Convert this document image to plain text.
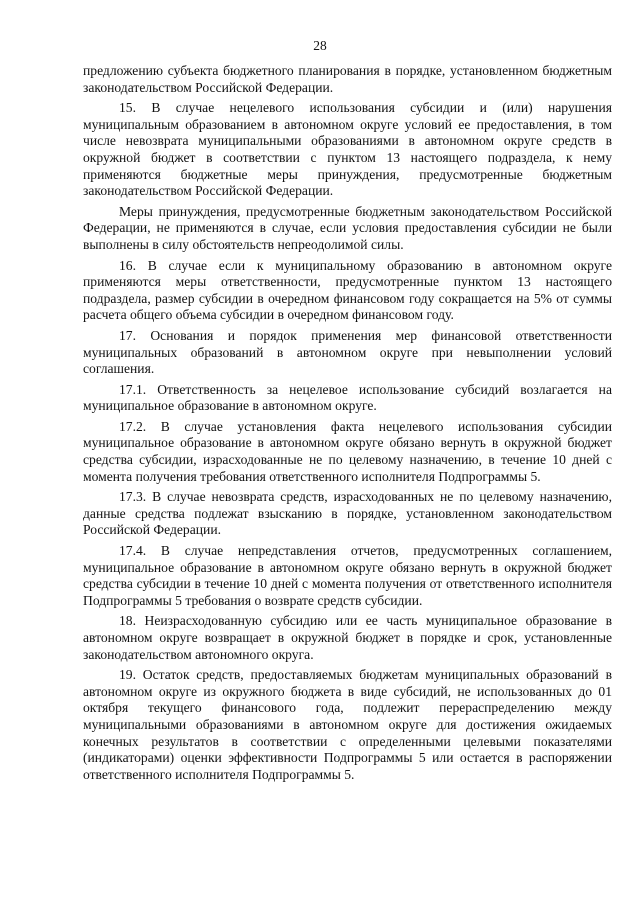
28

предложению субъекта бюджетного планирования в порядке, установленном бюджетным законодательством Российской Федерации.

15. В случае нецелевого использования субсидии и (или) нарушения муниципальным образованием в автономном округе условий ее предоставления, в том числе невозврата муниципальными образованиями в автономном округе средств в окружной бюджет в соответствии с пунктом 13 настоящего подраздела, к нему применяются бюджетные меры принуждения, предусмотренные бюджетным законодательством Российской Федерации.

Меры принуждения, предусмотренные бюджетным законодательством Российской Федерации, не применяются в случае, если условия предоставления субсидии не были выполнены в силу обстоятельств непреодолимой силы.

16. В случае если к муниципальному образованию в автономном округе применяются меры ответственности, предусмотренные пунктом 13 настоящего подраздела, размер субсидии в очередном финансовом году сокращается на 5% от суммы расчета общего объема субсидии в очередном финансовом году.

17. Основания и порядок применения мер финансовой ответственности муниципальных образований в автономном округе при невыполнении условий соглашения.

17.1. Ответственность за нецелевое использование субсидий возлагается на муниципальное образование в автономном округе.

17.2. В случае установления факта нецелевого использования субсидии муниципальное образование в автономном округе обязано вернуть в окружной бюджет средства субсидии, израсходованные не по целевому назначению, в течение 10 дней с момента получения требования ответственного исполнителя Подпрограммы 5.

17.3. В случае невозврата средств, израсходованных не по целевому назначению, данные средства подлежат взысканию в порядке, установленном законодательством Российской Федерации.

17.4. В случае непредставления отчетов, предусмотренных соглашением, муниципальное образование в автономном округе обязано вернуть в окружной бюджет средства субсидии в течение 10 дней с момента получения от ответственного исполнителя Подпрограммы 5 требования о возврате средств субсидии.

18. Неизрасходованную субсидию или ее часть муниципальное образование в автономном округе возвращает в окружной бюджет в порядке и срок, установленные законодательством автономного округа.

19. Остаток средств, предоставляемых бюджетам муниципальных образований в автономном округе из окружного бюджета в виде субсидий, не использованных до 01 октября текущего финансового года, подлежит перераспределению между муниципальными образованиями в автономном округе для достижения ожидаемых конечных результатов в соответствии с определенными целевыми показателями (индикаторами) оценки эффективности Подпрограммы 5 или остается в распоряжении ответственного исполнителя Подпрограммы 5.
